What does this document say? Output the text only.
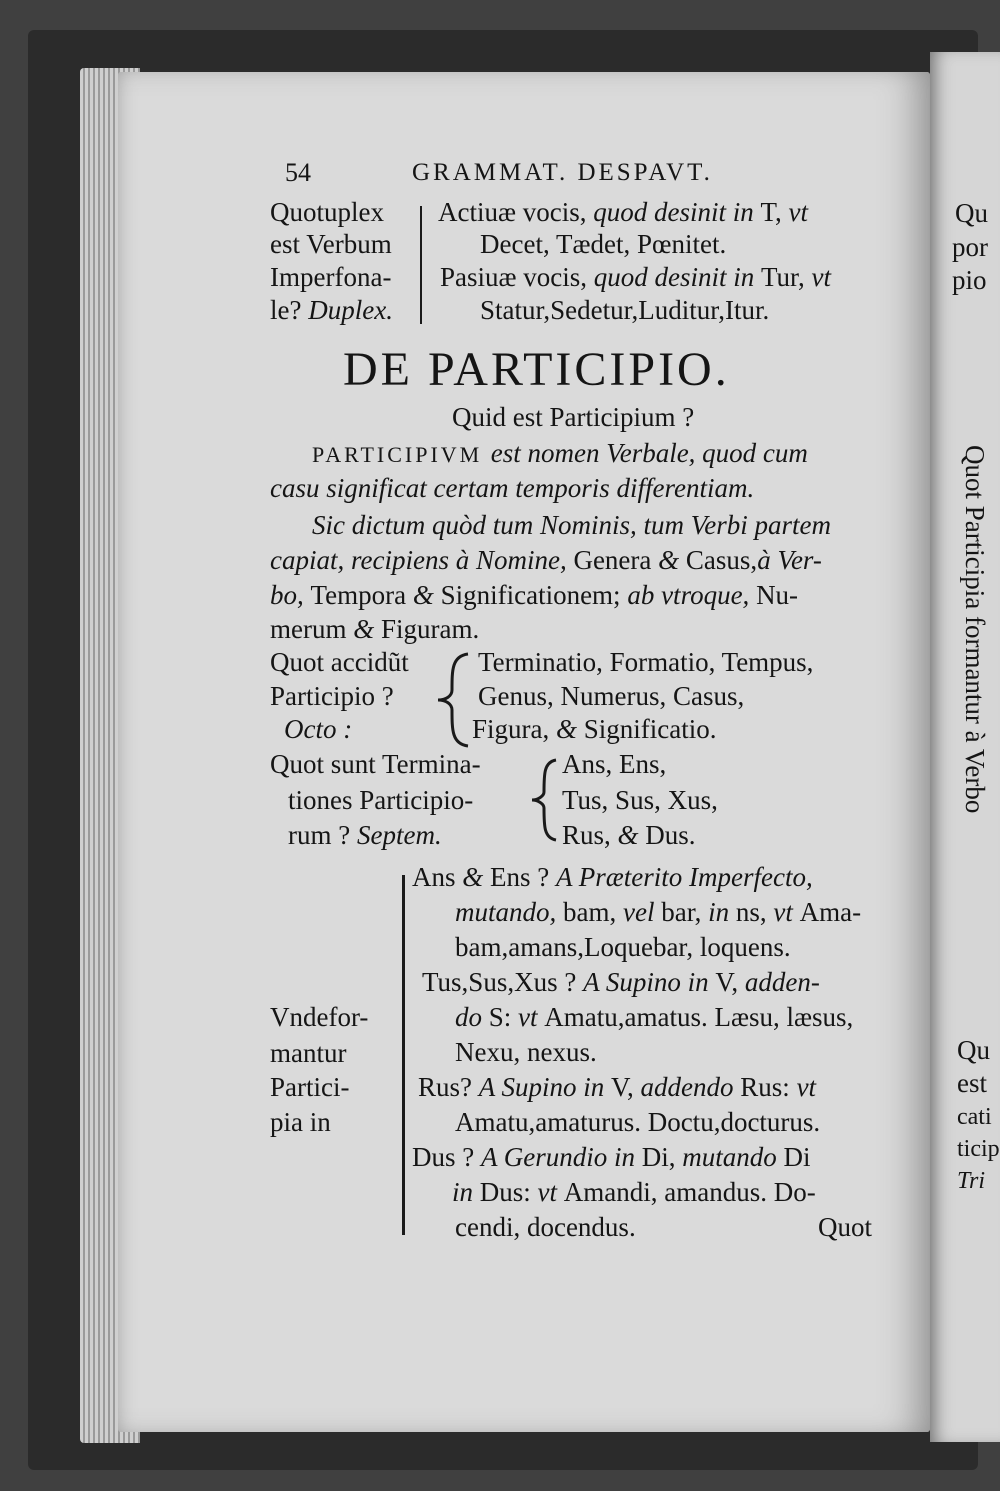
54	GRAMMAT. DESPAVT.
Quotuplex
est Verbum
Imperfona-
le? Duplex.
Actiuæ vocis, quod desinit in T, vt
Decet, Tædet, Pœnitet.
Pasiuæ vocis, quod desinit in Tur, vt
Statur,Sedetur,Luditur,Itur.
DE PARTICIPIO.
Quid est Participium ?
PARTICIPIVM est nomen Verbale, quod cum
casu significat certam temporis differentiam.
Sic dictum quòd tum Nominis, tum Verbi partem
capiat, recipiens à Nomine, Genera & Casus,à Ver-
bo, Tempora & Significationem; ab vtroque, Nu-
merum & Figuram.
Quot accidũt
Participio ?
Octo :
Terminatio, Formatio, Tempus,
Genus, Numerus, Casus,
Figura, & Significatio.
Quot sunt Termina-
tiones Participio-
rum ? Septem.
Ans, Ens,
Tus, Sus, Xus,
Rus, & Dus.
Vndefor-
mantur
Partici-
pia in
Ans & Ens ? A Præterito Imperfecto,
mutando, bam, vel bar, in ns, vt Ama-
bam,amans,Loquebar, loquens.
Tus,Sus,Xus ? A Supino in V, adden-
do S: vt Amatu,amatus. Læsu, læsus,
Nexu, nexus.
Rus? A Supino in V, addendo Rus: vt
Amatu,amaturus. Doctu,docturus.
Dus ? A Gerundio in Di, mutando Di
in Dus: vt Amandi, amandus. Do-
cendi, docendus.	Quot
Qu
por
pio
Quot Participia formantur à Verbo
Qu
est
cati
ticip
Tri
